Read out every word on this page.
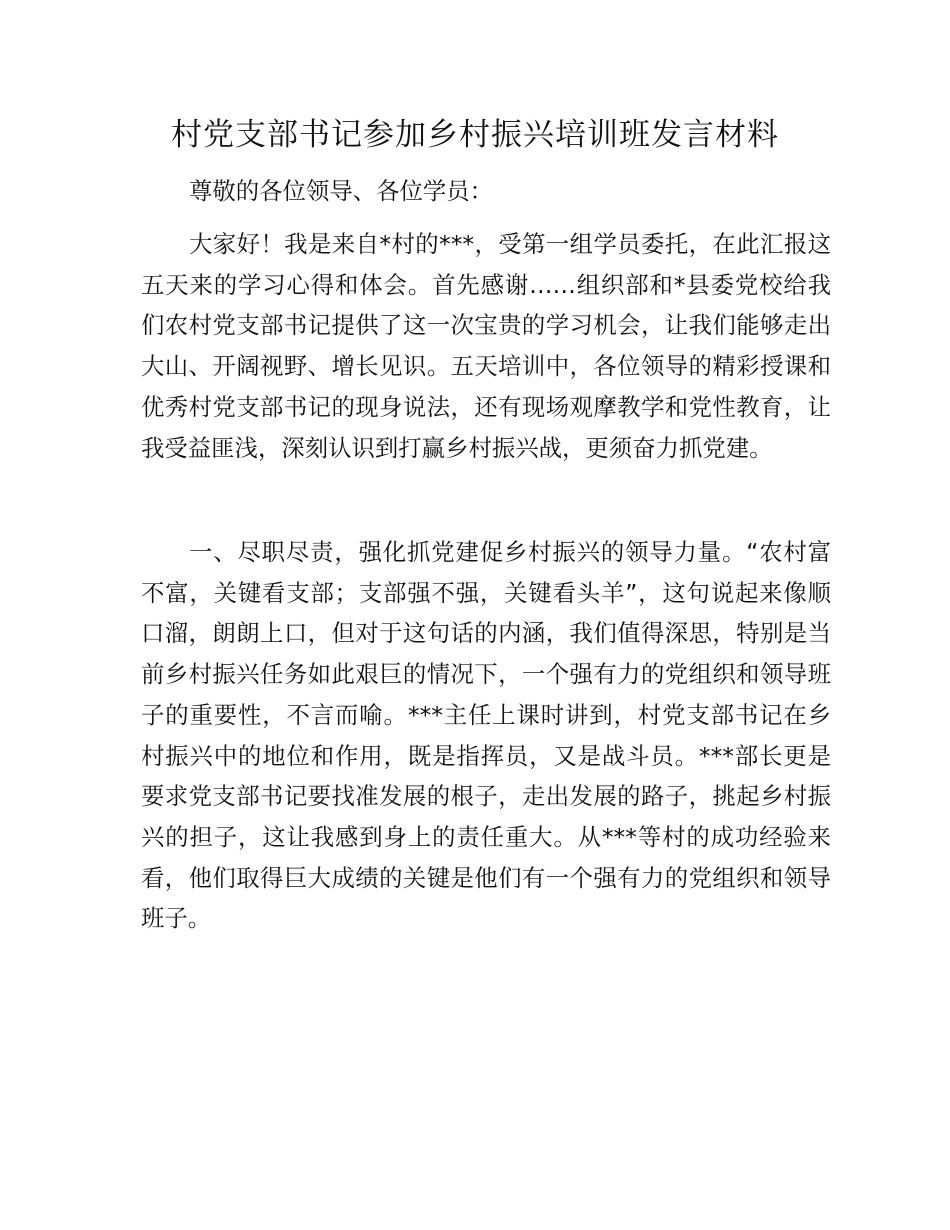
村党支部书记参加乡村振兴培训班发言材料

尊敬的各位领导、各位学员：

大家好！我是来自*村的***，受第一组学员委托，在此汇报这五天来的学习心得和体会。首先感谢……组织部和*县委党校给我们农村党支部书记提供了这一次宝贵的学习机会，让我们能够走出大山、开阔视野、增长见识。五天培训中，各位领导的精彩授课和优秀村党支部书记的现身说法，还有现场观摩教学和党性教育，让我受益匪浅，深刻认识到打赢乡村振兴战，更须奋力抓党建。

一、尽职尽责，强化抓党建促乡村振兴的领导力量。“农村富不富，关键看支部；支部强不强，关键看头羊”，这句说起来像顺口溜，朗朗上口，但对于这句话的内涵，我们值得深思，特别是当前乡村振兴任务如此艰巨的情况下，一个强有力的党组织和领导班子的重要性，不言而喻。***主任上课时讲到，村党支部书记在乡村振兴中的地位和作用，既是指挥员，又是战斗员。***部长更是要求党支部书记要找准发展的根子，走出发展的路子，挑起乡村振兴的担子，这让我感到身上的责任重大。从***等村的成功经验来看，他们取得巨大成绩的关键是他们有一个强有力的党组织和领导班子。
